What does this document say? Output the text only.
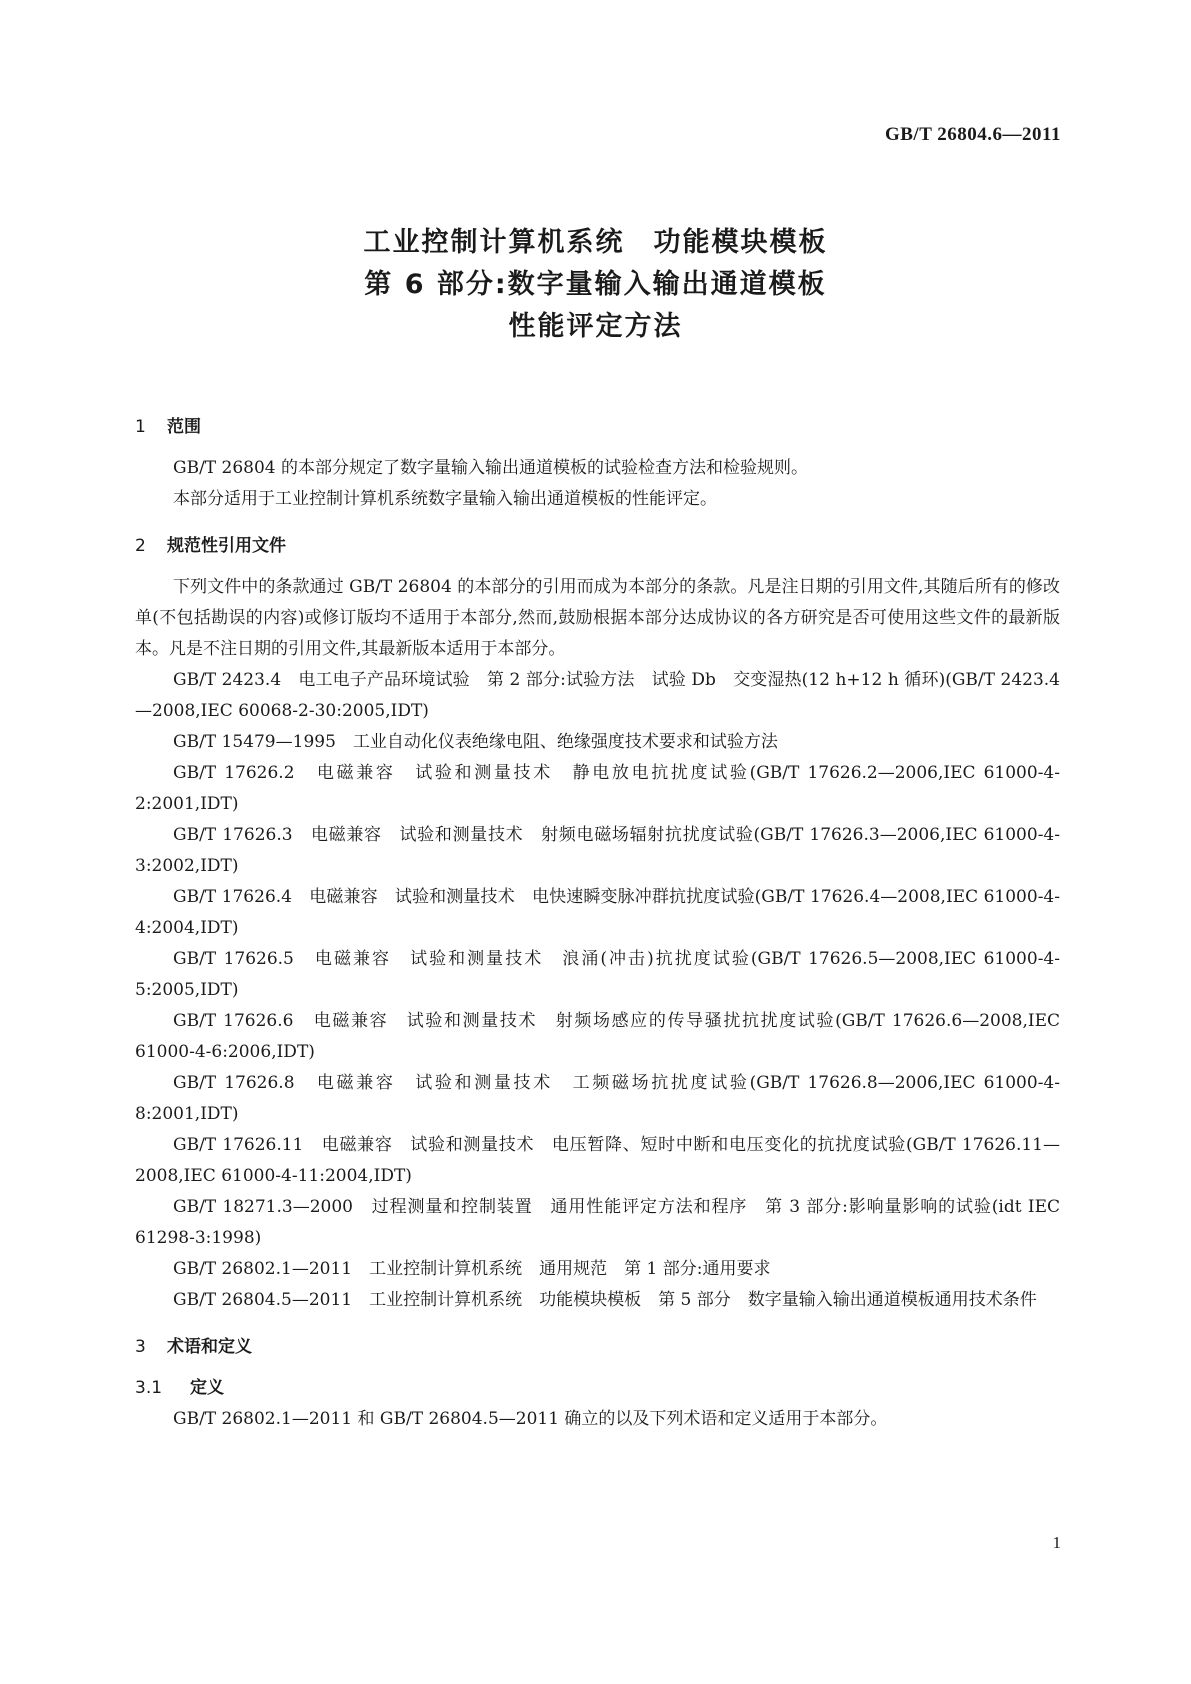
GB/T 26804.6—2011
工业控制计算机系统　功能模块模板
第 6 部分:数字量输入输出通道模板
性能评定方法
1 范围

GB/T 26804 的本部分规定了数字量输入输出通道模板的试验检查方法和检验规则。

本部分适用于工业控制计算机系统数字量输入输出通道模板的性能评定。

2 规范性引用文件

下列文件中的条款通过 GB/T 26804 的本部分的引用而成为本部分的条款。凡是注日期的引用文件,其随后所有的修改单(不包括勘误的内容)或修订版均不适用于本部分,然而,鼓励根据本部分达成协议的各方研究是否可使用这些文件的最新版本。凡是不注日期的引用文件,其最新版本适用于本部分。

GB/T 2423.4　电工电子产品环境试验　第 2 部分:试验方法　试验 Db　交变湿热(12 h+12 h 循环)(GB/T 2423.4—2008,IEC 60068-2-30:2005,IDT)

GB/T 15479—1995　工业自动化仪表绝缘电阻、绝缘强度技术要求和试验方法

GB/T 17626.2　电磁兼容　试验和测量技术　静电放电抗扰度试验(GB/T 17626.2—2006,IEC 61000-4-2:2001,IDT)

GB/T 17626.3　电磁兼容　试验和测量技术　射频电磁场辐射抗扰度试验(GB/T 17626.3—2006,IEC 61000-4-3:2002,IDT)

GB/T 17626.4　电磁兼容　试验和测量技术　电快速瞬变脉冲群抗扰度试验(GB/T 17626.4—2008,IEC 61000-4-4:2004,IDT)

GB/T 17626.5　电磁兼容　试验和测量技术　浪涌(冲击)抗扰度试验(GB/T 17626.5—2008,IEC 61000-4-5:2005,IDT)

GB/T 17626.6　电磁兼容　试验和测量技术　射频场感应的传导骚扰抗扰度试验(GB/T 17626.6—2008,IEC 61000-4-6:2006,IDT)

GB/T 17626.8　电磁兼容　试验和测量技术　工频磁场抗扰度试验(GB/T 17626.8—2006,IEC 61000-4-8:2001,IDT)

GB/T 17626.11　电磁兼容　试验和测量技术　电压暂降、短时中断和电压变化的抗扰度试验(GB/T 17626.11—2008,IEC 61000-4-11:2004,IDT)

GB/T 18271.3—2000　过程测量和控制装置　通用性能评定方法和程序　第 3 部分:影响量影响的试验(idt IEC 61298-3:1998)

GB/T 26802.1—2011　工业控制计算机系统　通用规范　第 1 部分:通用要求

GB/T 26804.5—2011　工业控制计算机系统　功能模块模板　第 5 部分　数字量输入输出通道模板通用技术条件

3 术语和定义
3.1 定义

GB/T 26802.1—2011 和 GB/T 26804.5—2011 确立的以及下列术语和定义适用于本部分。

1
